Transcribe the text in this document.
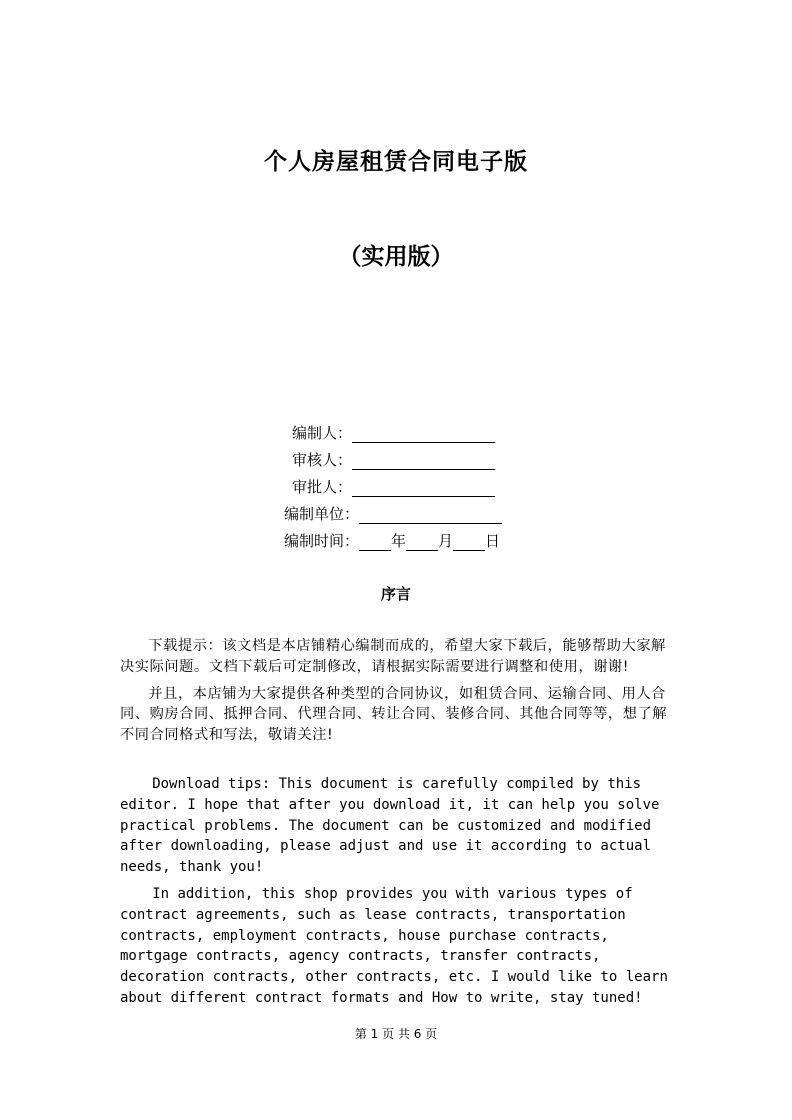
个人房屋租赁合同电子版
（实用版）
编制人：
审核人：
审批人：
编制单位：
编制时间： 年 月 日
序言

下载提示：该文档是本店铺精心编制而成的，希望大家下载后，能够帮助大家解决实际问题。文档下载后可定制修改，请根据实际需要进行调整和使用，谢谢!

并且，本店铺为大家提供各种类型的合同协议，如租赁合同、运输合同、用人合同、购房合同、抵押合同、代理合同、转让合同、装修合同、其他合同等等，想了解不同合同格式和写法，敬请关注!

Download tips: This document is carefully compiled by this editor. I hope that after you download it, it can help you solve practical problems. The document can be customized and modified after downloading, please adjust and use it according to actual needs, thank you!

In addition, this shop provides you with various types of contract agreements, such as lease contracts, transportation contracts, employment contracts, house purchase contracts, mortgage contracts, agency contracts, transfer contracts, decoration contracts, other contracts, etc. I would like to learn about different contract formats and How to write, stay tuned!

第 1 页 共 6 页
